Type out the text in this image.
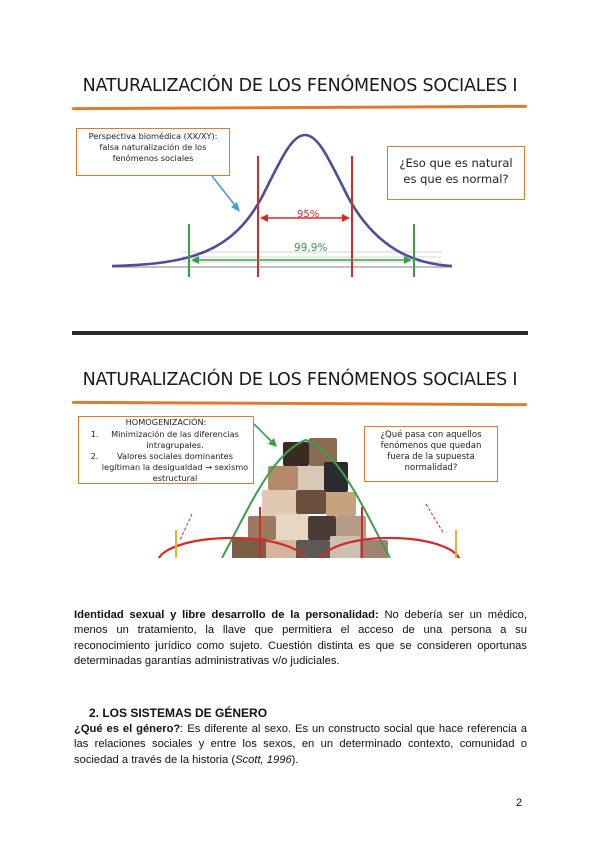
NATURALIZACIÓN DE LOS FENÓMENOS SOCIALES I
95%
99,9%
Perspectiva biomédica (XX/XY): falsa naturalización de los fenómenos sociales	¿Eso que es natural es que es normal?
NATURALIZACIÓN DE LOS FENÓMENOS SOCIALES I
HOMOGENIZACIÓN:
1. Minimización de las diferencias intragrupales.
2. Valores sociales dominantes legitiman la desigualdad → sexismo estructural
¿Qué pasa con aquellos fenómenos que quedan fuera de la supuesta normalidad?
Identidad sexual y libre desarrollo de la personalidad: No debería ser un médico, menos un tratamiento, la llave que permitiera el acceso de una persona a su reconocimiento jurídico como sujeto. Cuestión distinta es que se consideren oportunas determinadas garantías administrativas v/o judiciales.
2. LOS SISTEMAS DE GÉNERO
¿Qué es el género?: Es diferente al sexo. Es un constructo social que hace referencia a las relaciones sociales y entre los sexos, en un determinado contexto, comunidad o sociedad a través de la historia (Scott, 1996).
2
